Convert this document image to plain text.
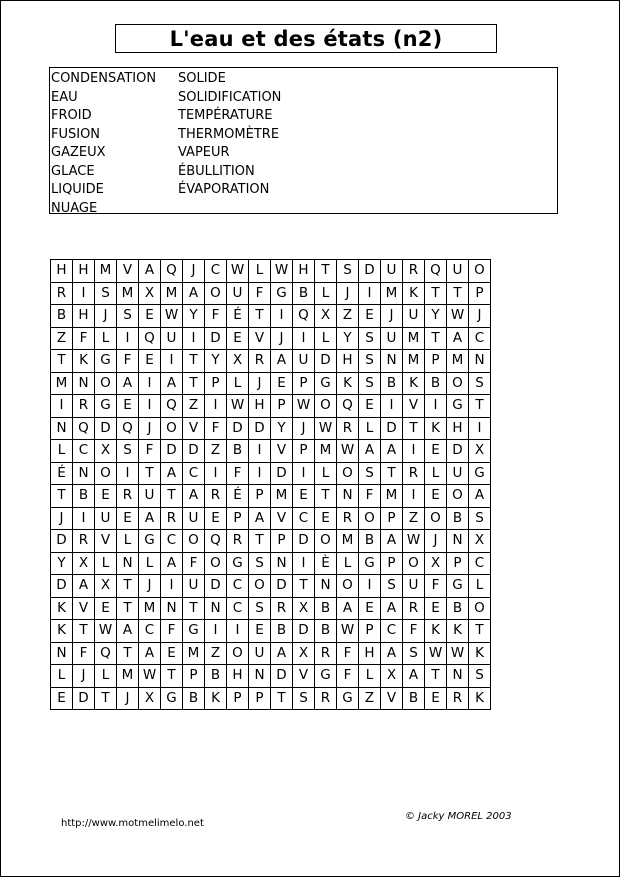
L'eau et des états (n2)
CONDENSATION
EAU
FROID
FUSION
GAZEUX
GLACE
LIQUIDE
NUAGE
SOLIDE
SOLIDIFICATION
TEMPÉRATURE
THERMOMÈTRE
VAPEUR
ÉBULLITION
ÉVAPORATION
H	H	M	V	A	Q	J	C	W	L	W	H	T	S	D	U	R	Q	U	O
R	I	S	M	X	M	A	O	U	F	G	B	L	J	I	M	K	T	T	P
B	H	J	S	E	W	Y	F	É	T	I	Q	X	Z	E	J	U	Y	W	J
Z	F	L	I	Q	U	I	D	E	V	J	I	L	Y	S	U	M	T	A	C
T	K	G	F	E	I	T	Y	X	R	A	U	D	H	S	N	M	P	M	N
M	N	O	A	I	A	T	P	L	J	E	P	G	K	S	B	K	B	O	S
I	R	G	E	I	Q	Z	I	W	H	P	W	O	Q	E	I	V	I	G	T
N	Q	D	Q	J	O	V	F	D	D	Y	J	W	R	L	D	T	K	H	I
L	C	X	S	F	D	D	Z	B	I	V	P	M	W	A	A	I	E	D	X
É	N	O	I	T	A	C	I	F	I	D	I	L	O	S	T	R	L	U	G
T	B	E	R	U	T	A	R	É	P	M	E	T	N	F	M	I	E	O	A
J	I	U	E	A	R	U	E	P	A	V	C	E	R	O	P	Z	O	B	S
D	R	V	L	G	C	O	Q	R	T	P	D	O	M	B	A	W	J	N	X
Y	X	L	N	L	A	F	O	G	S	N	I	È	L	G	P	O	X	P	C
D	A	X	T	J	I	U	D	C	O	D	T	N	O	I	S	U	F	G	L
K	V	E	T	M	N	T	N	C	S	R	X	B	A	E	A	R	E	B	O
K	T	W	A	C	F	G	I	I	E	B	D	B	W	P	C	F	K	K	T
N	F	Q	T	A	E	M	Z	O	U	A	X	R	F	H	A	S	W	W	K
L	J	L	M	W	T	P	B	H	N	D	V	G	F	L	X	A	T	N	S
E	D	T	J	X	G	B	K	P	P	T	S	R	G	Z	V	B	E	R	K
http://www.motmelimelo.net
© Jacky MOREL 2003
